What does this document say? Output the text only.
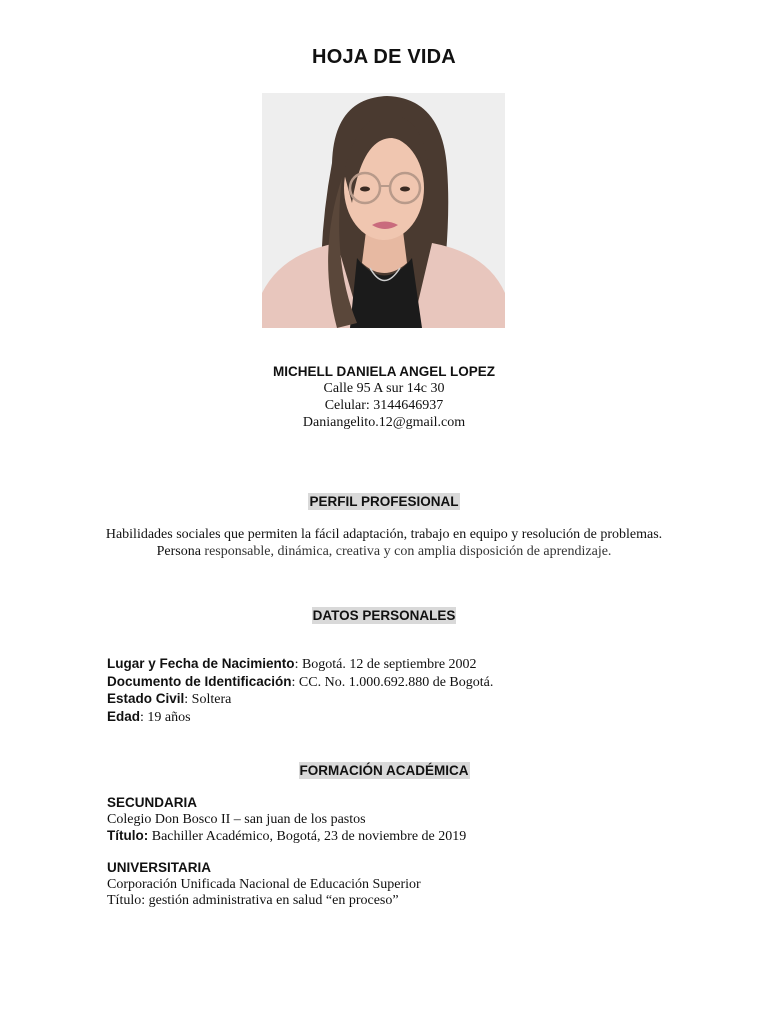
HOJA DE VIDA
MICHELL DANIELA ANGEL LOPEZ
Calle 95 A sur 14c 30
Celular: 3144646937
Daniangelito.12@gmail.com
PERFIL PROFESIONAL
Habilidades sociales que permiten la fácil adaptación, trabajo en equipo y resolución de problemas.
Persona responsable, dinámica, creativa y con amplia disposición de aprendizaje.
DATOS PERSONALES
Lugar y Fecha de Nacimiento: Bogotá. 12 de septiembre 2002
Documento de Identificación: CC. No. 1.000.692.880 de Bogotá.
Estado Civil: Soltera
Edad: 19 años
FORMACIÓN ACADÉMICA
SECUNDARIA
Colegio Don Bosco II – san juan de los pastos
Título: Bachiller Académico, Bogotá, 23 de noviembre de 2019
UNIVERSITARIA
Corporación Unificada Nacional de Educación Superior
Título: gestión administrativa en salud “en proceso”
